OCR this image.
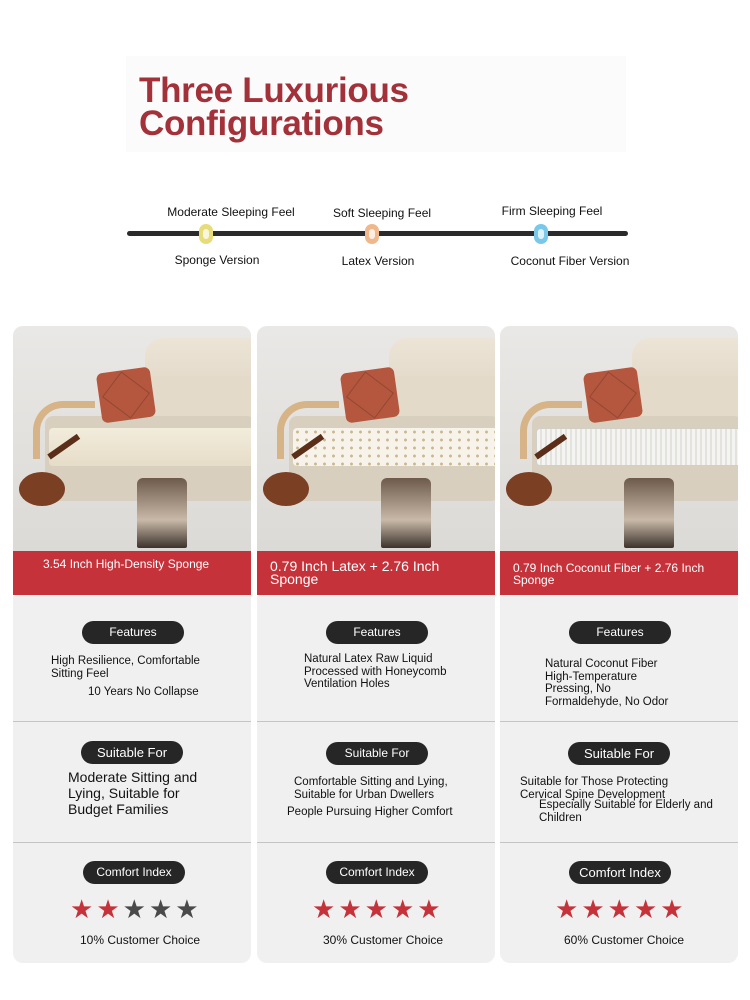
Three Luxurious Configurations
Moderate Sleeping Feel	Soft Sleeping Feel	Firm Sleeping Feel
Sponge Version	Latex Version	Coconut Fiber Version
3.54 Inch High-Density Sponge
Features
High Resilience, Comfortable Sitting Feel
10 Years No Collapse
Suitable For
Moderate Sitting and Lying, Suitable for Budget Families
Comfort Index
★ ★ ★ ★ ★
10% Customer Choice
0.79 Inch Latex + 2.76 Inch Sponge
Features
Natural Latex Raw Liquid Processed with Honeycomb Ventilation Holes
Suitable For
Comfortable Sitting and Lying, Suitable for Urban Dwellers
People Pursuing Higher Comfort
Comfort Index
★ ★ ★ ★ ★
30% Customer Choice
0.79 Inch Coconut Fiber + 2.76 Inch Sponge
Features
Natural Coconut Fiber High-Temperature Pressing, No Formaldehyde, No Odor
Suitable For
Suitable for Those Protecting Cervical Spine Development
Especially Suitable for Elderly and Children
Comfort Index
★ ★ ★ ★ ★
60% Customer Choice
